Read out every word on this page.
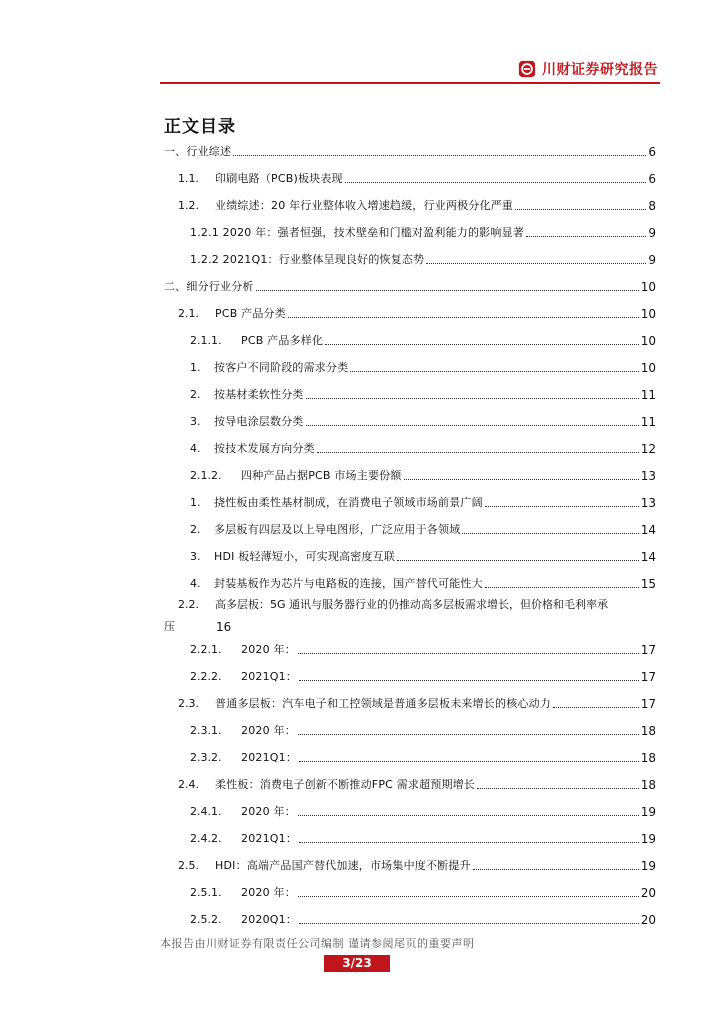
川财证券研究报告
正文目录
一、行业综述	6
1.1.	印刷电路（PCB)板块表现	6
1.2.	业绩综述：20 年行业整体收入增速趋缓，行业两极分化严重	8
1.2.1 2020 年：强者恒强，技术壁垒和门槛对盈利能力的影响显著	9
1.2.2 2021Q1：行业整体呈现良好的恢复态势	9
二、细分行业分析	10
2.1.	PCB 产品分类	10
2.1.1.	PCB 产品多样化	10
1.	按客户不同阶段的需求分类	10
2.	按基材柔软性分类	11
3.	按导电涂层数分类	11
4.	按技术发展方向分类	12
2.1.2.	四种产品占据PCB 市场主要份额	13
1.	挠性板由柔性基材制成，在消费电子领域市场前景广阔	13
2.	多层板有四层及以上导电图形，广泛应用于各领域	14
3.	HDI 板轻薄短小，可实现高密度互联	14
4.	封装基板作为芯片与电路板的连接，国产替代可能性大	15
2.2.	高多层板：5G 通讯与服务器行业的仍推动高多层板需求增长，但价格和毛利率承
压	16
2.2.1.	2020 年：	17
2.2.2.	2021Q1：	17
2.3.	普通多层板：汽车电子和工控领域是普通多层板未来增长的核心动力	17
2.3.1.	2020 年：	18
2.3.2.	2021Q1：	18
2.4.	柔性板：消费电子创新不断推动FPC 需求超预期增长	18
2.4.1.	2020 年：	19
2.4.2.	2021Q1：	19
2.5.	HDI：高端产品国产替代加速，市场集中度不断提升	19
2.5.1.	2020 年：	20
2.5.2.	2020Q1：	20
本报告由川财证券有限责任公司编制 谨请参阅尾页的重要声明
3/23
